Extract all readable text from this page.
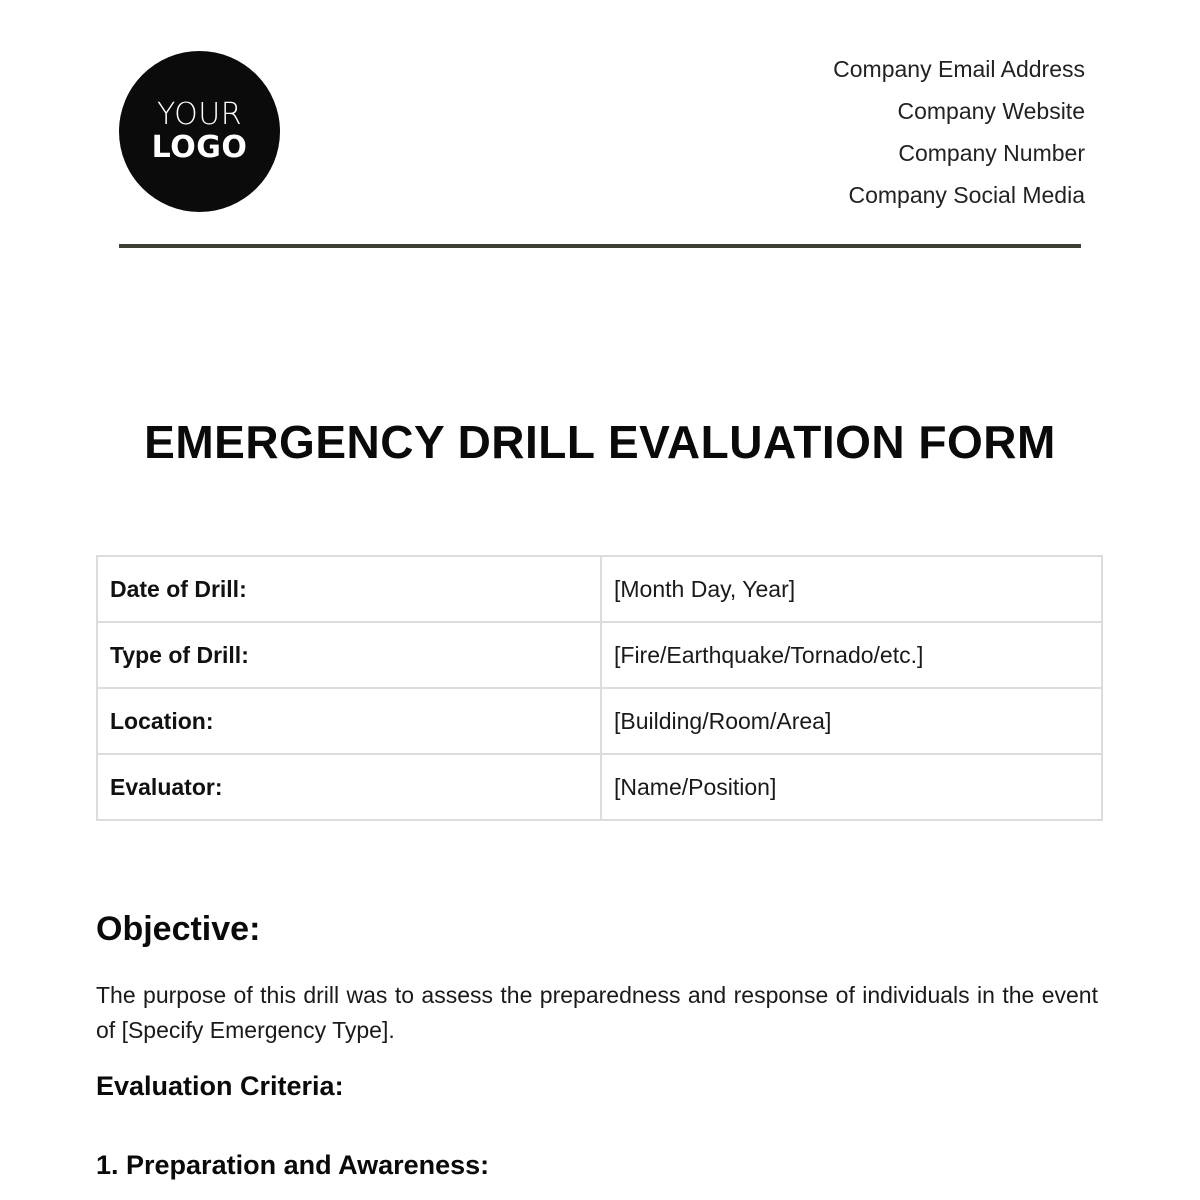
YOUR
LOGO
Company Email Address
Company Website
Company Number
Company Social Media
EMERGENCY DRILL EVALUATION FORM
Date of Drill:	[Month Day, Year]
Type of Drill:	[Fire/Earthquake/Tornado/etc.]
Location:	[Building/Room/Area]
Evaluator:	[Name/Position]
Objective:

The purpose of this drill was to assess the preparedness and response of individuals in the event of [Specify Emergency Type].

Evaluation Criteria:
1. Preparation and Awareness:
